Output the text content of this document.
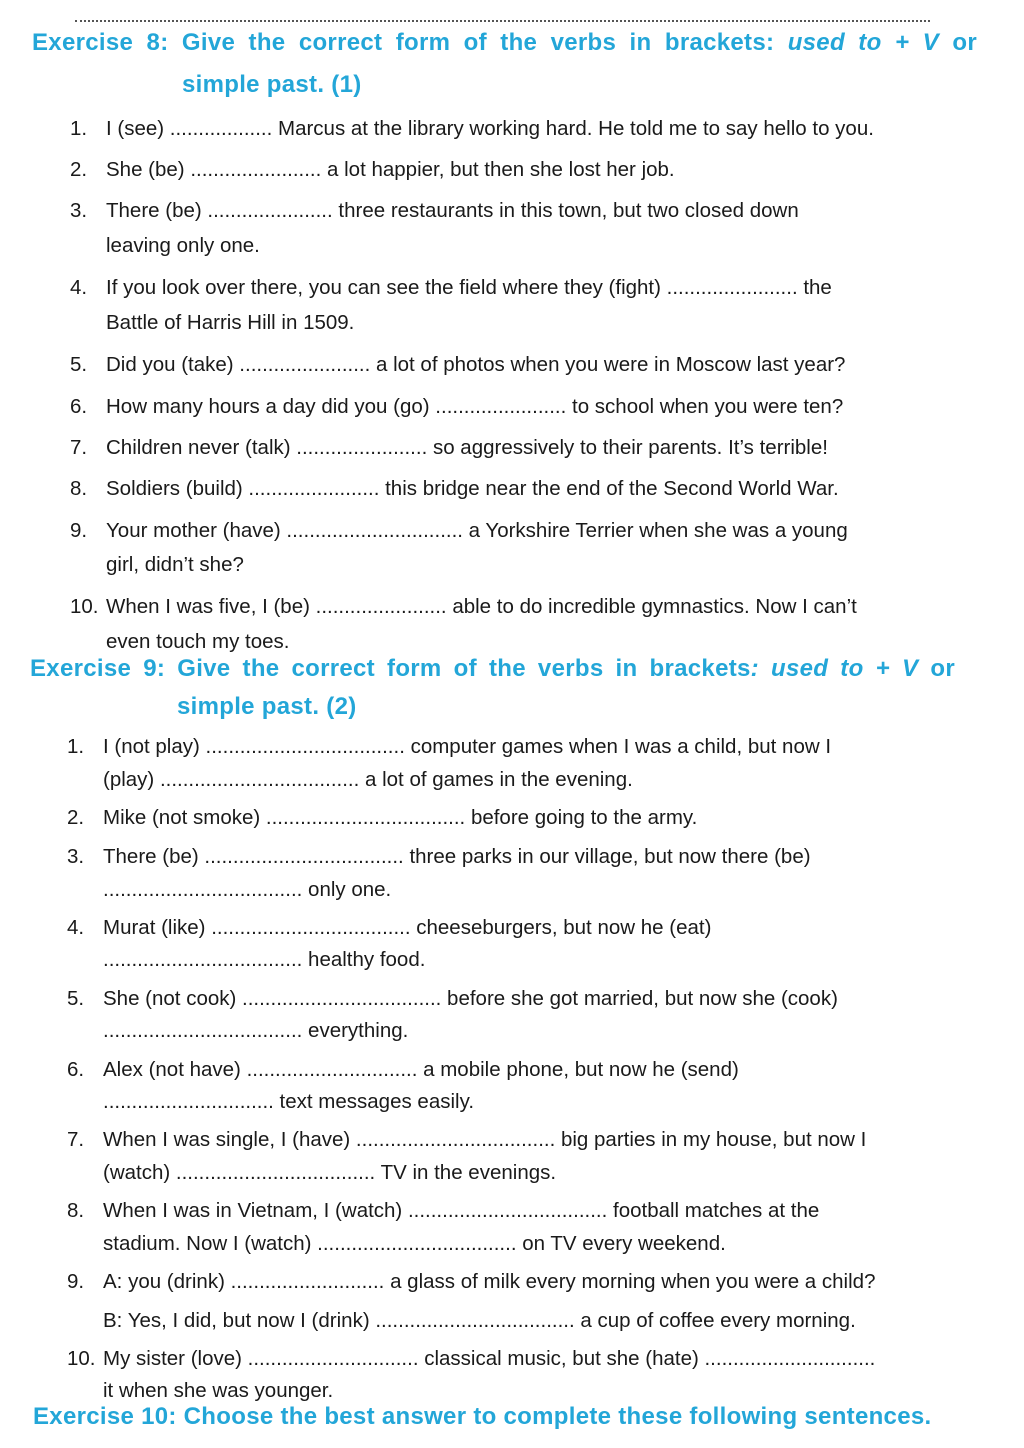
Exercise 8: Give the correct form of the verbs in brackets: used to + V or
simple past. (1)
1. I (see) .................. Marcus at the library working hard. He told me to say hello to you.
2. She (be) ....................... a lot happier, but then she lost her job.
3. There (be) ...................... three restaurants in this town, but two closed down
leaving only one.
4. If you look over there, you can see the field where they (fight) ....................... the
Battle of Harris Hill in 1509.
5. Did you (take) ....................... a lot of photos when you were in Moscow last year?
6. How many hours a day did you (go) ....................... to school when you were ten?
7. Children never (talk) ....................... so aggressively to their parents. It’s terrible!
8. Soldiers (build) ....................... this bridge near the end of the Second World War.
9. Your mother (have) ............................... a Yorkshire Terrier when she was a young
girl, didn’t she?
10. When I was five, I (be) ....................... able to do incredible gymnastics. Now I can’t
even touch my toes.
Exercise 9: Give the correct form of the verbs in brackets: used to + V or
simple past. (2)
1. I (not play) ................................... computer games when I was a child, but now I
(play) ................................... a lot of games in the evening.
2. Mike (not smoke) ................................... before going to the army.
3. There (be) ................................... three parks in our village, but now there (be)
................................... only one.
4. Murat (like) ................................... cheeseburgers, but now he (eat)
................................... healthy food.
5. She (not cook) ................................... before she got married, but now she (cook)
................................... everything.
6. Alex (not have) .............................. a mobile phone, but now he (send)
.............................. text messages easily.
7. When I was single, I (have) ................................... big parties in my house, but now I
(watch) ................................... TV in the evenings.
8. When I was in Vietnam, I (watch) ................................... football matches at the
stadium. Now I (watch) ................................... on TV every weekend.
9. A: you (drink) ........................... a glass of milk every morning when you were a child?
B: Yes, I did, but now I (drink) ................................... a cup of coffee every morning.
10. My sister (love) .............................. classical music, but she (hate) ..............................
it when she was younger.
Exercise 10: Choose the best answer to complete these following sentences.
